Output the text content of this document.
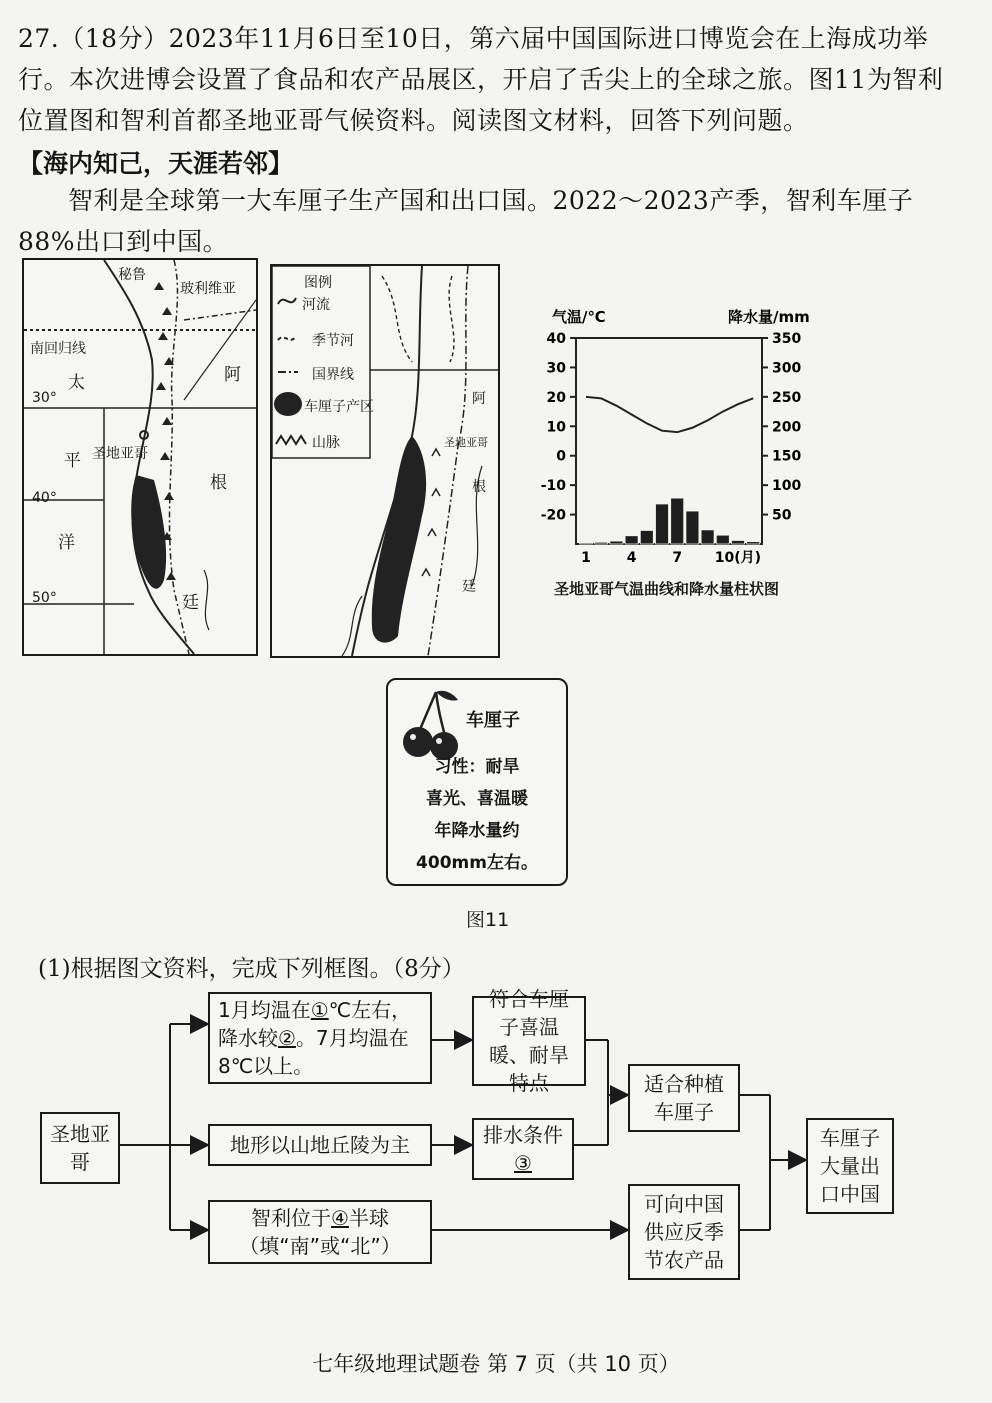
27.（18分）2023年11月6日至10日，第六届中国国际进口博览会在上海成功举行。本次进博会设置了食品和农产品展区，开启了舌尖上的全球之旅。图11为智利位置图和智利首都圣地亚哥气候资料。阅读图文材料，回答下列问题。

【海内知己，天涯若邻】

智利是全球第一大车厘子生产国和出口国。2022～2023产季，智利车厘子88%出口到中国。

秘鲁
玻利维亚
南回归线
阿
太
30°
平 圣地亚哥
根
40°
洋
廷
50°
图例
河流
季节河
国界线
车厘子产区
山脉
阿
圣地亚哥
根
廷
气温/℃	降水量/mm
40
30
20
10
0
-10
-20
350
300
250
200
150
100
50
1	4	7 10(月)
圣地亚哥气温曲线和降水量柱状图
车厘子
习性：耐旱
喜光、喜温暖
年降水量约
400mm左右。
图11
(1)根据图文资料，完成下列框图。（8分）
圣地亚哥
1月均温在①℃左右，降水较②。7月均温在8℃以上。
符合车厘子喜温暖、耐旱特点
地形以山地丘陵为主	排水条件③
适合种植车厘子
智利位于④半球（填“南”或“北”）
可向中国供应反季节农产品
车厘子大量出口中国
七年级地理试题卷 第 7 页（共 10 页）
